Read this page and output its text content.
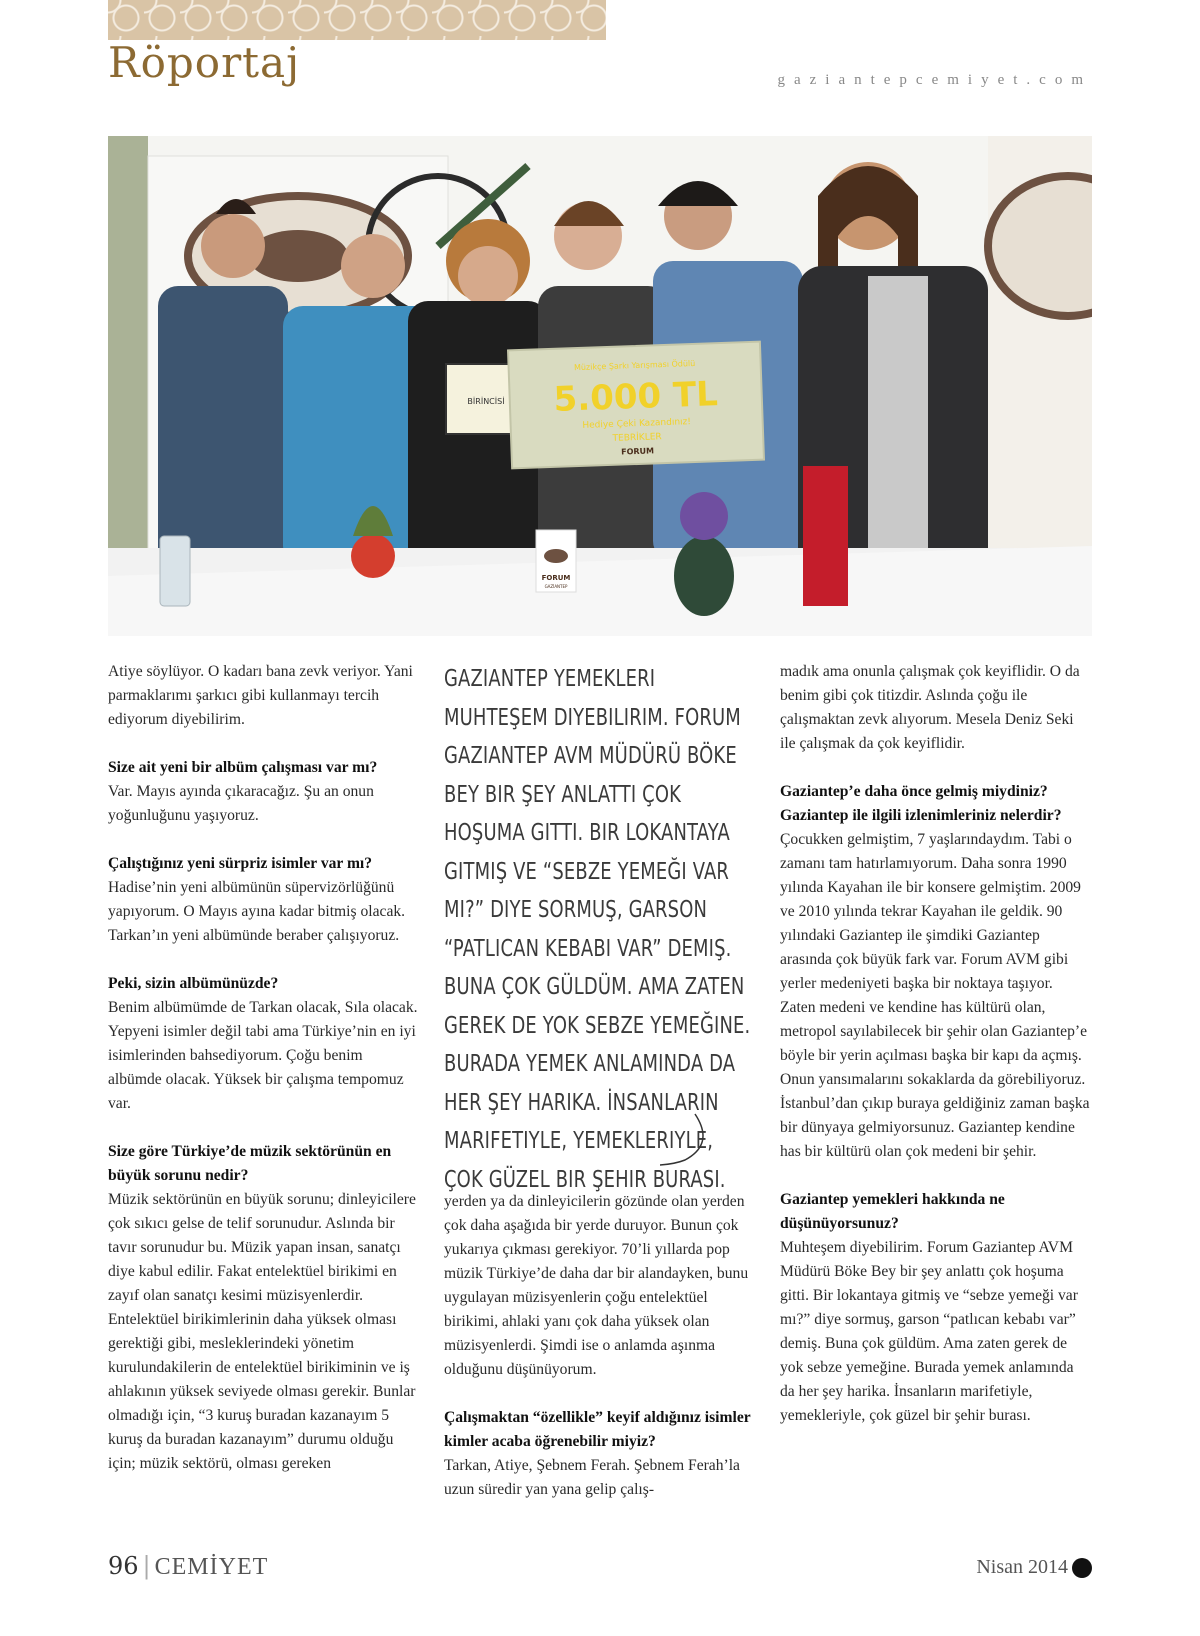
Röportaj	gaziantepcemiyet.com
BİRİNCİSİ 5.000 TL
Müzikçe Şarkı Yarışması Ödülü
Hediye Çeki Kazandınız!
TEBRİKLER
FORUM
FORUM
GAZİANTEP

Atiye söylüyor. O kadarı bana zevk veriyor. Yani parmaklarımı şarkıcı gibi kullanmayı tercih ediyorum diyebilirim.

Size ait yeni bir albüm çalışması var mı?
Var. Mayıs ayında çıkaracağız. Şu an onun yoğunluğunu yaşıyoruz.

Çalıştığınız yeni sürpriz isimler var mı?
Hadise’nin yeni albümünün süpervizörlüğünü yapıyorum. O Mayıs ayına kadar bitmiş olacak. Tarkan’ın yeni albümünde beraber çalışıyoruz.

Peki, sizin albümünüzde?
Benim albümümde de Tarkan olacak, Sıla olacak. Yepyeni isimler değil tabi ama Türkiye’nin en iyi isimlerinden bahsediyorum. Çoğu benim albümde olacak. Yüksek bir çalışma tempomuz var.

Size göre Türkiye’de müzik sektörünün en büyük sorunu nedir?
Müzik sektörünün en büyük sorunu; dinleyicilere çok sıkıcı gelse de telif sorunudur. Aslında bir tavır sorunudur bu. Müzik yapan insan, sanatçı diye kabul edilir. Fakat entelektüel birikimi en zayıf olan sanatçı kesimi müzisyenlerdir. Entelektüel birikimlerinin daha yüksek olması gerektiği gibi, mesleklerindeki yönetim kurulundakilerin de entelektüel birikiminin ve iş ahlakının yüksek seviyede olması gerekir. Bunlar olmadığı için, “3 kuruş buradan kazanayım 5 kuruş da buradan kazanayım” durumu olduğu için; müzik sektörü, olması gereken

GAZIANTEP YEMEKLERI MUHTEŞEM DIYEBILIRIM. FORUM GAZIANTEP AVM MÜDÜRÜ BÖKE BEY BIR ŞEY ANLATTI ÇOK HOŞUMA GITTI. BIR LOKANTAYA GITMIŞ VE “SEBZE YEMEĞI VAR MI?” DIYE SORMUŞ, GARSON “PATLICAN KEBABI VAR” DEMIŞ. BUNA ÇOK GÜLDÜM. AMA ZATEN GEREK DE YOK SEBZE YEMEĞINE. BURADA YEMEK ANLAMINDA DA HER ŞEY HARIKA. İNSANLARIN MARIFETIYLE, YEMEKLERIYLE, ÇOK GÜZEL BIR ŞEHIR BURASI.

yerden ya da dinleyicilerin gözünde olan yerden çok daha aşağıda bir yerde duruyor. Bunun çok yukarıya çıkması gerekiyor. 70’li yıllarda pop müzik Türkiye’de daha dar bir alandayken, bunu uygulayan müzisyenlerin çoğu entelektüel birikimi, ahlaki yanı çok daha yüksek olan müzisyenlerdi. Şimdi ise o anlamda aşınma olduğunu düşünüyorum.

Çalışmaktan “özellikle” keyif aldığınız isimler kimler acaba öğrenebilir miyiz?
Tarkan, Atiye, Şebnem Ferah. Şebnem Ferah’la uzun süredir yan yana gelip çalış-

madık ama onunla çalışmak çok keyiflidir. O da benim gibi çok titizdir. Aslında çoğu ile çalışmaktan zevk alıyorum. Mesela Deniz Seki ile çalışmak da çok keyiflidir.

Gaziantep’e daha önce gelmiş miydiniz? Gaziantep ile ilgili izlenimleriniz nelerdir?
Çocukken gelmiştim, 7 yaşlarındaydım. Tabi o zamanı tam hatırlamıyorum. Daha sonra 1990 yılında Kayahan ile bir konsere gelmiştim. 2009 ve 2010 yılında tekrar Kayahan ile geldik. 90 yılındaki Gaziantep ile şimdiki Gaziantep arasında çok büyük fark var. Forum AVM gibi yerler medeniyeti başka bir noktaya taşıyor. Zaten medeni ve kendine has kültürü olan, metropol sayılabilecek bir şehir olan Gaziantep’e böyle bir yerin açılması başka bir kapı da açmış. Onun yansımalarını sokaklarda da görebiliyoruz. İstanbul’dan çıkıp buraya geldiğiniz zaman başka bir dünyaya gelmiyorsunuz. Gaziantep kendine has bir kültürü olan çok medeni bir şehir.

Gaziantep yemekleri hakkında ne düşünüyorsunuz?
Muhteşem diyebilirim. Forum Gaziantep AVM Müdürü Böke Bey bir şey anlattı çok hoşuma gitti. Bir lokantaya gitmiş ve “sebze yemeği var mı?” diye sormuş, garson “patlıcan kebabı var” demiş. Buna çok güldüm. Ama zaten gerek de yok sebze yemeğine. Burada yemek anlamında da her şey harika. İnsanların marifetiyle, yemekleriyle, çok güzel bir şehir burası.

96 | CEMİYET	Nisan 2014
